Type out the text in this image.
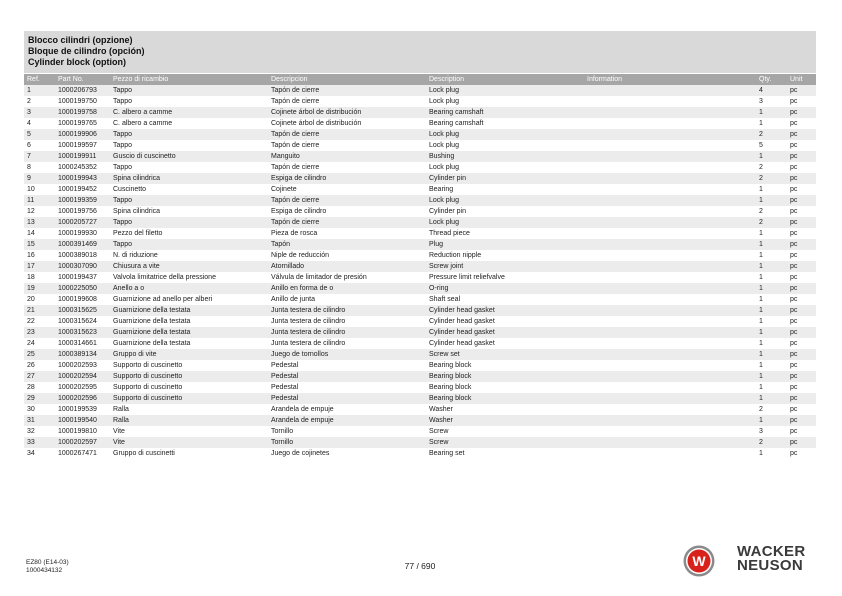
Blocco cilindri (opzione)
Bloque de cilindro (opción)
Cylinder block (option)
Ref.	Part No.	Pezzo di ricambio	Descripcion	Description	Information	Qty.	Unit
1	1000206793	Tappo	Tapón de cierre	Lock plug		4	pc
2	1000199750	Tappo	Tapón de cierre	Lock plug		3	pc
3	1000199758	C. albero a camme	Cojinete árbol de distribución	Bearing camshaft		1	pc
4	1000199765	C. albero a camme	Cojinete árbol de distribución	Bearing camshaft		1	pc
5	1000199906	Tappo	Tapón de cierre	Lock plug		2	pc
6	1000199597	Tappo	Tapón de cierre	Lock plug		5	pc
7	1000199911	Guscio di cuscinetto	Manguito	Bushing		1	pc
8	1000245352	Tappo	Tapón de cierre	Lock plug		2	pc
9	1000199943	Spina cilindrica	Espiga de cilindro	Cylinder pin		2	pc
10	1000199452	Cuscinetto	Cojinete	Bearing		1	pc
11	1000199359	Tappo	Tapón de cierre	Lock plug		1	pc
12	1000199756	Spina cilindrica	Espiga de cilindro	Cylinder pin		2	pc
13	1000205727	Tappo	Tapón de cierre	Lock plug		2	pc
14	1000199930	Pezzo del filetto	Pieza de rosca	Thread piece		1	pc
15	1000391469	Tappo	Tapón	Plug		1	pc
16	1000389018	N. di riduzione	Niple de reducción	Reduction nipple		1	pc
17	1000307090	Chiusura a vite	Atornillado	Screw joint		1	pc
18	1000199437	Valvola limitatrice della pressione	Válvula de limitador de presión	Pressure limit reliefvalve		1	pc
19	1000225050	Anello a o	Anillo en forma de o	O-ring		1	pc
20	1000199608	Guarnizione ad anello per alberi	Anillo de junta	Shaft seal		1	pc
21	1000315625	Guarnizione della testata	Junta testera de cilindro	Cylinder head gasket		1	pc
22	1000315624	Guarnizione della testata	Junta testera de cilindro	Cylinder head gasket		1	pc
23	1000315623	Guarnizione della testata	Junta testera de cilindro	Cylinder head gasket		1	pc
24	1000314661	Guarnizione della testata	Junta testera de cilindro	Cylinder head gasket		1	pc
25	1000389134	Gruppo di vite	Juego de tornollos	Screw set		1	pc
26	1000202593	Supporto di cuscinetto	Pedestal	Bearing block		1	pc
27	1000202594	Supporto di cuscinetto	Pedestal	Bearing block		1	pc
28	1000202595	Supporto di cuscinetto	Pedestal	Bearing block		1	pc
29	1000202596	Supporto di cuscinetto	Pedestal	Bearing block		1	pc
30	1000199539	Ralla	Arandela de empuje	Washer		2	pc
31	1000199540	Ralla	Arandela de empuje	Washer		1	pc
32	1000199810	Vite	Tornillo	Screw		3	pc
33	1000202597	Vite	Tornillo	Screw		2	pc
34	1000267471	Gruppo di cuscinetti	Juego de cojinetes	Bearing set		1	pc
EZ80 (E14-03)
1000434132	77 / 690	W
WACKER
NEUSON
